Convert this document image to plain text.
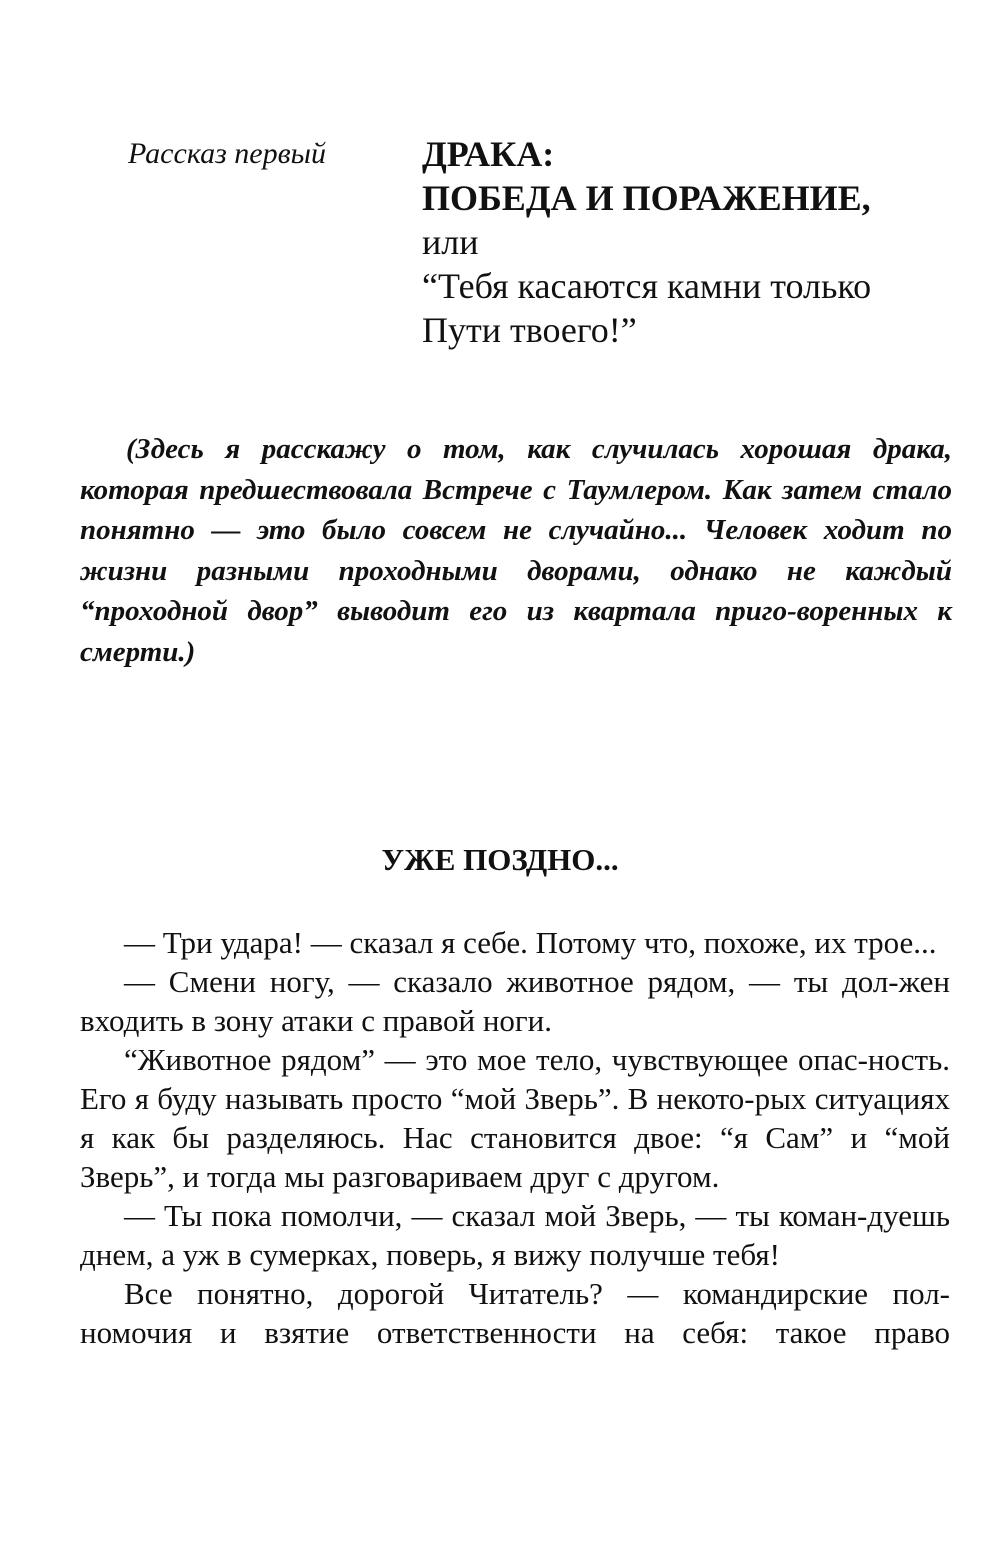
Рассказ первый	ДРАКА:
ПОБЕДА И ПОРАЖЕНИЕ,
или
“Тебя касаются камни только
Пути твоего!”

(Здесь я расскажу о том, как случилась хорошая драка, которая предшествовала Встрече с Таумлером. Как затем стало понятно — это было совсем не случайно... Человек ходит по жизни разными проходными дворами, однако не каждый “проходной двор” выводит его из квартала приго-воренных к смерти.)

УЖЕ ПОЗДНО...

— Три удара! — сказал я себе. Потому что, похоже, их трое...

— Смени ногу, — сказало животное рядом, — ты дол-жен входить в зону атаки с правой ноги.

“Животное рядом” — это мое тело, чувствующее опас-ность. Его я буду называть просто “мой Зверь”. В некото-рых ситуациях я как бы разделяюсь. Нас становится двое: “я Сам” и “мой Зверь”, и тогда мы разговариваем друг с другом.

— Ты пока помолчи, — сказал мой Зверь, — ты коман-дуешь днем, а уж в сумерках, поверь, я вижу получше тебя!

Все понятно, дорогой Читатель? — командирские пол-номочия и взятие ответственности на себя: такое право
